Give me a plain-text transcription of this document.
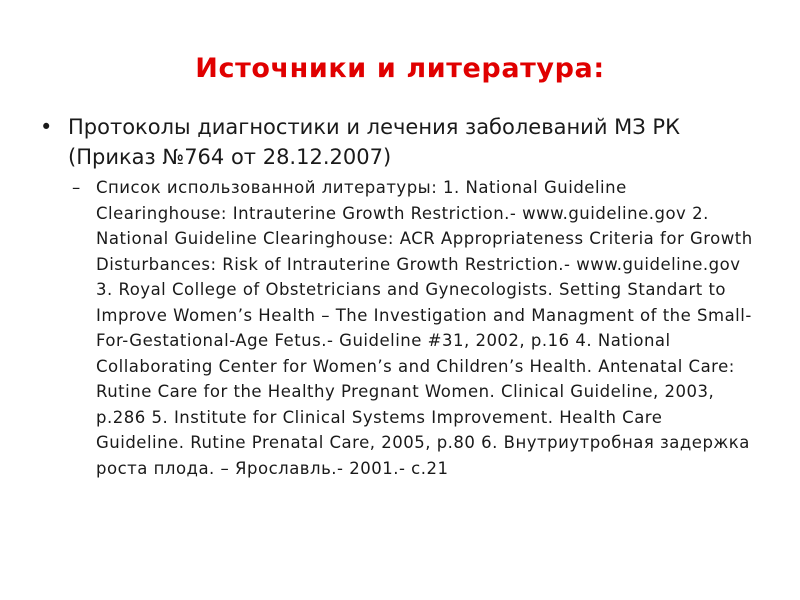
Источники и литература:
• Протоколы диагностики и лечения заболеваний МЗ РК (Приказ №764 от 28.12.2007)
– Список использованной литературы: 1. National Guideline Clearinghouse: Intrauterine Growth Restriction.- www.guideline.gov 2. National Guideline Clearinghouse: ACR Appropriateness Criteria for Growth Disturbances: Risk of Intrauterine Growth Restriction.- www.guideline.gov 3. Royal College of Obstetricians and Gynecologists. Setting Standart to Improve Women’s Health – The Investigation and Managment of the Small-For-Gestational-Age Fetus.- Guideline #31, 2002, p.16 4. National Collaborating Center for Women’s and Children’s Health. Antenatal Care: Rutine Care for the Healthy Pregnant Women. Clinical Guideline, 2003, p.286 5. Institute for Clinical Systems Improvement. Health Care Guideline. Rutine Prenatal Care, 2005, p.80 6. Внутриутробная задержка роста плода. – Ярославль.- 2001.- c.21
